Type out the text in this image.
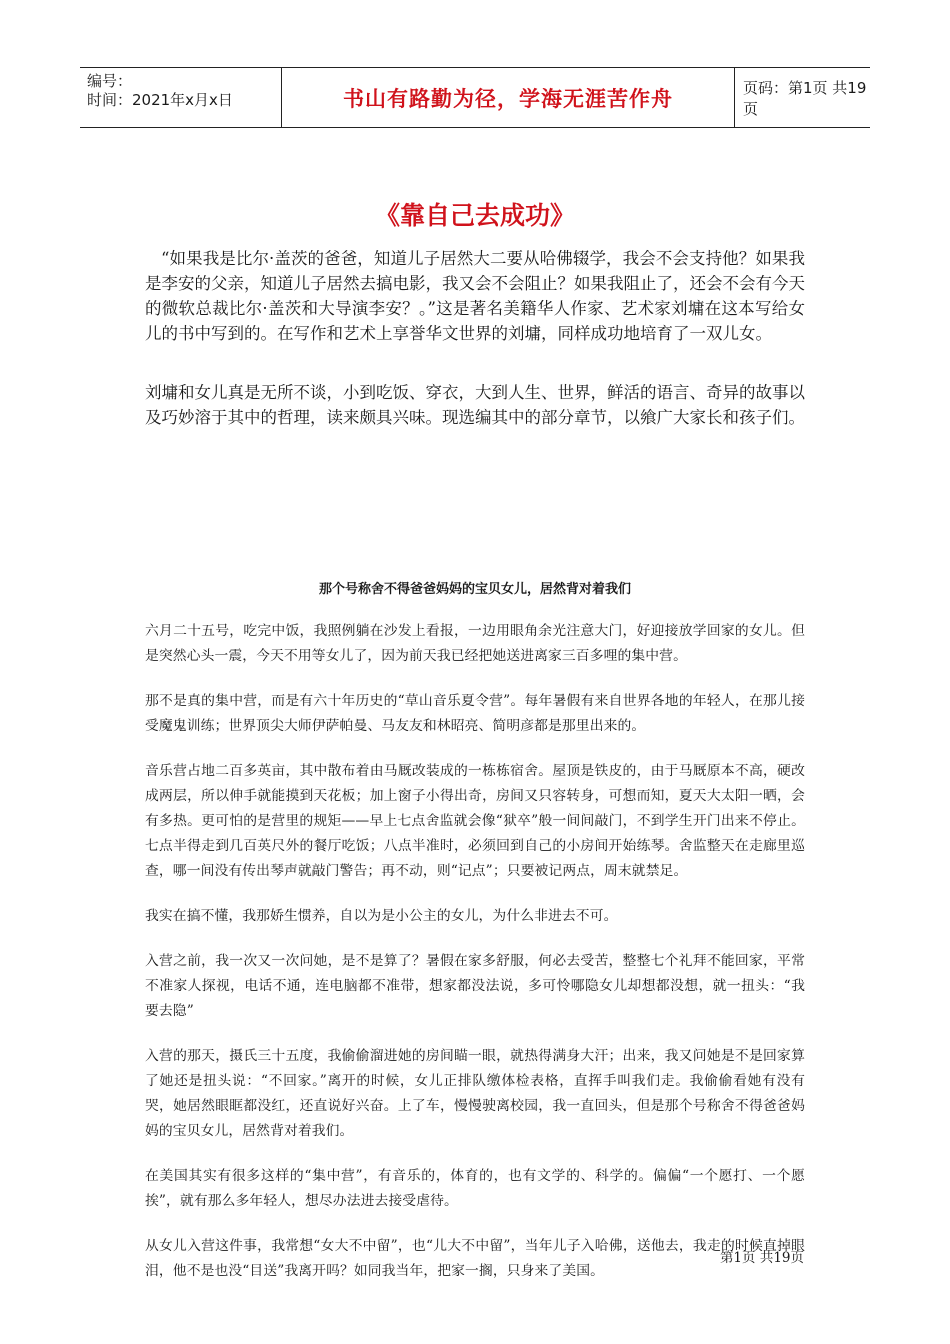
编号：
时间：2021年x月x日	书山有路勤为径，学海无涯苦作舟	页码：第1页 共19页
《靠自己去成功》

“如果我是比尔·盖茨的爸爸，知道儿子居然大二要从哈佛辍学，我会不会支持他？如果我是李安的父亲，知道儿子居然去搞电影，我又会不会阻止？如果我阻止了，还会不会有今天的微软总裁比尔·盖茨和大导演李安？。”这是著名美籍华人作家、艺术家刘墉在这本写给女儿的书中写到的。在写作和艺术上享誉华文世界的刘墉，同样成功地培育了一双儿女。

刘墉和女儿真是无所不谈，小到吃饭、穿衣，大到人生、世界，鲜活的语言、奇异的故事以及巧妙溶于其中的哲理，读来颇具兴味。现选编其中的部分章节，以飨广大家长和孩子们。

那个号称舍不得爸爸妈妈的宝贝女儿，居然背对着我们

六月二十五号，吃完中饭，我照例躺在沙发上看报，一边用眼角余光注意大门，好迎接放学回家的女儿。但是突然心头一震，今天不用等女儿了，因为前天我已经把她送进离家三百多哩的集中营。

那不是真的集中营，而是有六十年历史的“草山音乐夏令营”。每年暑假有来自世界各地的年轻人，在那儿接受魔鬼训练；世界顶尖大师伊萨帕曼、马友友和林昭亮、简明彦都是那里出来的。

音乐营占地二百多英亩，其中散布着由马厩改装成的一栋栋宿舍。屋顶是铁皮的，由于马厩原本不高，硬改成两层，所以伸手就能摸到天花板；加上窗子小得出奇，房间又只容转身，可想而知，夏天大太阳一晒，会有多热。更可怕的是营里的规矩——早上七点舍监就会像“狱卒”般一间间敲门，不到学生开门出来不停止。七点半得走到几百英尺外的餐厅吃饭；八点半准时，必须回到自己的小房间开始练琴。舍监整天在走廊里巡查，哪一间没有传出琴声就敲门警告；再不动，则“记点”；只要被记两点，周末就禁足。

我实在搞不懂，我那娇生惯养，自以为是小公主的女儿，为什么非进去不可。

入营之前，我一次又一次问她，是不是算了？暑假在家多舒服，何必去受苦，整整七个礼拜不能回家，平常不准家人探视，电话不通，连电脑都不准带，想家都没法说，多可怜哪隐女儿却想都没想，就一扭头：“我要去隐”

入营的那天，摄氏三十五度，我偷偷溜进她的房间瞄一眼，就热得满身大汗；出来，我又问她是不是回家算了她还是扭头说：“不回家。”离开的时候，女儿正排队缴体检表格，直挥手叫我们走。我偷偷看她有没有哭，她居然眼眶都没红，还直说好兴奋。上了车，慢慢驶离校园，我一直回头，但是那个号称舍不得爸爸妈妈的宝贝女儿，居然背对着我们。

在美国其实有很多这样的“集中营”，有音乐的，体育的，也有文学的、科学的。偏偏“一个愿打、一个愿挨”，就有那么多年轻人，想尽办法进去接受虐待。

从女儿入营这件事，我常想“女大不中留”，也“儿大不中留”，当年儿子入哈佛，送他去，我走的时候直掉眼泪，他不是也没“目送”我离开吗？如同我当年，把家一搁，只身来了美国。

第1页 共19页
